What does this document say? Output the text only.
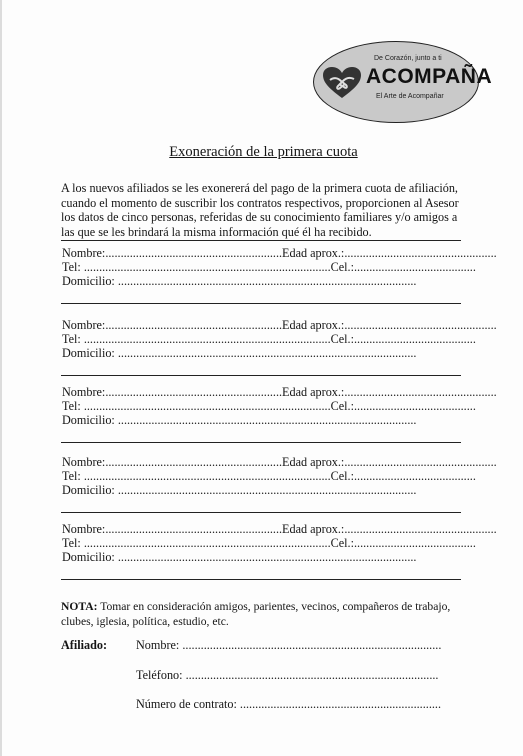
De Corazón, junto a ti
ACOMPAÑA
El Arte de Acompañar
Exoneración de la primera cuota
A los nuevos afiliados se les exonererá del pago de la primera cuota de afiliación,
cuando el momento de suscribir los contratos respectivos, proporcionen al Asesor
los datos de cinco personas, referidas de su conocimiento familiares y/o amigos a
las que se les brindará la misma información qué él ha recibido.
Nombre:..........................................................Edad aprox.:..................................................
Tel: .................................................................................Cel.:........................................
Domicilio: ..................................................................................................
Nombre:..........................................................Edad aprox.:..................................................
Tel: .................................................................................Cel.:........................................
Domicilio: ..................................................................................................
Nombre:..........................................................Edad aprox.:..................................................
Tel: .................................................................................Cel.:........................................
Domicilio: ..................................................................................................
Nombre:..........................................................Edad aprox.:..................................................
Tel: .................................................................................Cel.:........................................
Domicilio: ..................................................................................................
Nombre:..........................................................Edad aprox.:..................................................
Tel: .................................................................................Cel.:........................................
Domicilio: ..................................................................................................
NOTA: Tomar en consideración amigos, parientes, vecinos, compañeros de trabajo, clubes, iglesia, política, estudio, etc.
Afiliado: Nombre: .....................................................................................
Teléfono: ...................................................................................
Número de contrato: ..................................................................
